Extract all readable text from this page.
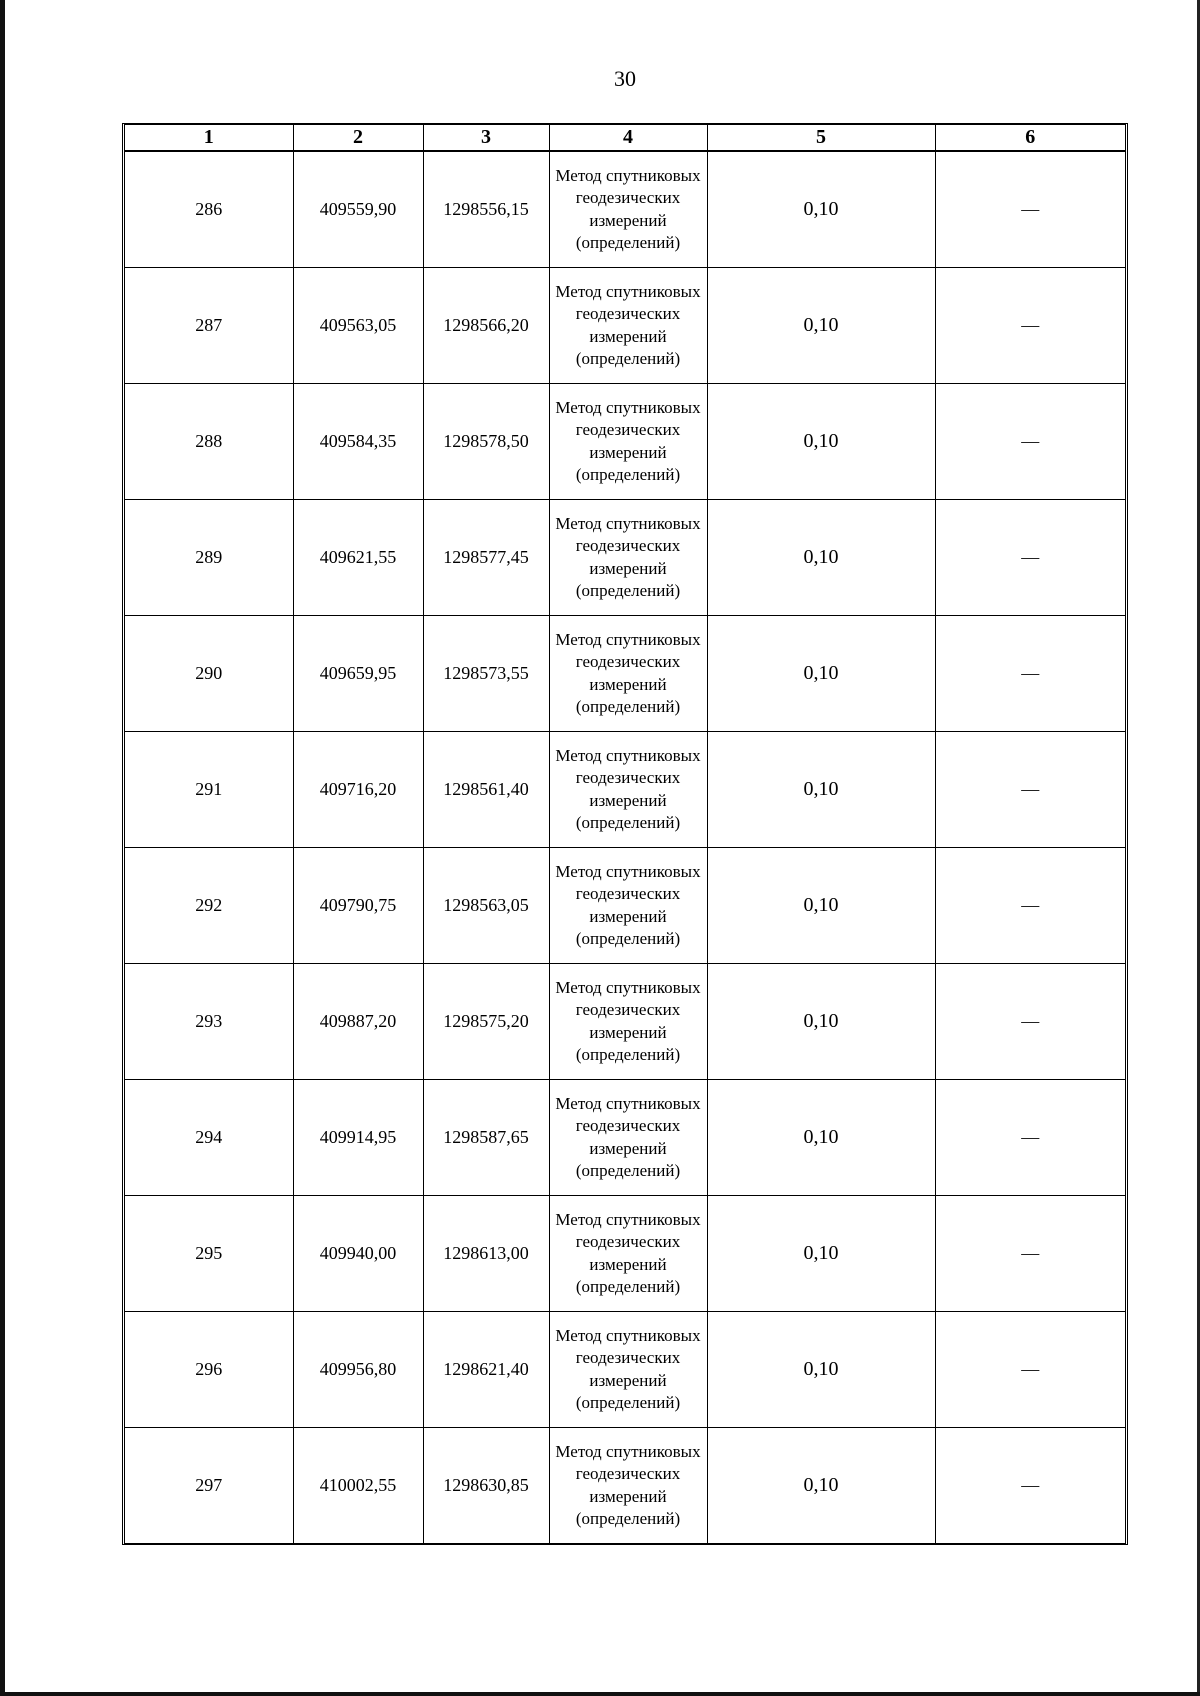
30
1	2	3	4	5	6
286	409559,90	1298556,15	Метод спутниковых геодезических измерений (определений)	0,10	—
287	409563,05	1298566,20	Метод спутниковых геодезических измерений (определений)	0,10	—
288	409584,35	1298578,50	Метод спутниковых геодезических измерений (определений)	0,10	—
289	409621,55	1298577,45	Метод спутниковых геодезических измерений (определений)	0,10	—
290	409659,95	1298573,55	Метод спутниковых геодезических измерений (определений)	0,10	—
291	409716,20	1298561,40	Метод спутниковых геодезических измерений (определений)	0,10	—
292	409790,75	1298563,05	Метод спутниковых геодезических измерений (определений)	0,10	—
293	409887,20	1298575,20	Метод спутниковых геодезических измерений (определений)	0,10	—
294	409914,95	1298587,65	Метод спутниковых геодезических измерений (определений)	0,10	—
295	409940,00	1298613,00	Метод спутниковых геодезических измерений (определений)	0,10	—
296	409956,80	1298621,40	Метод спутниковых геодезических измерений (определений)	0,10	—
297	410002,55	1298630,85	Метод спутниковых геодезических измерений (определений)	0,10	—
